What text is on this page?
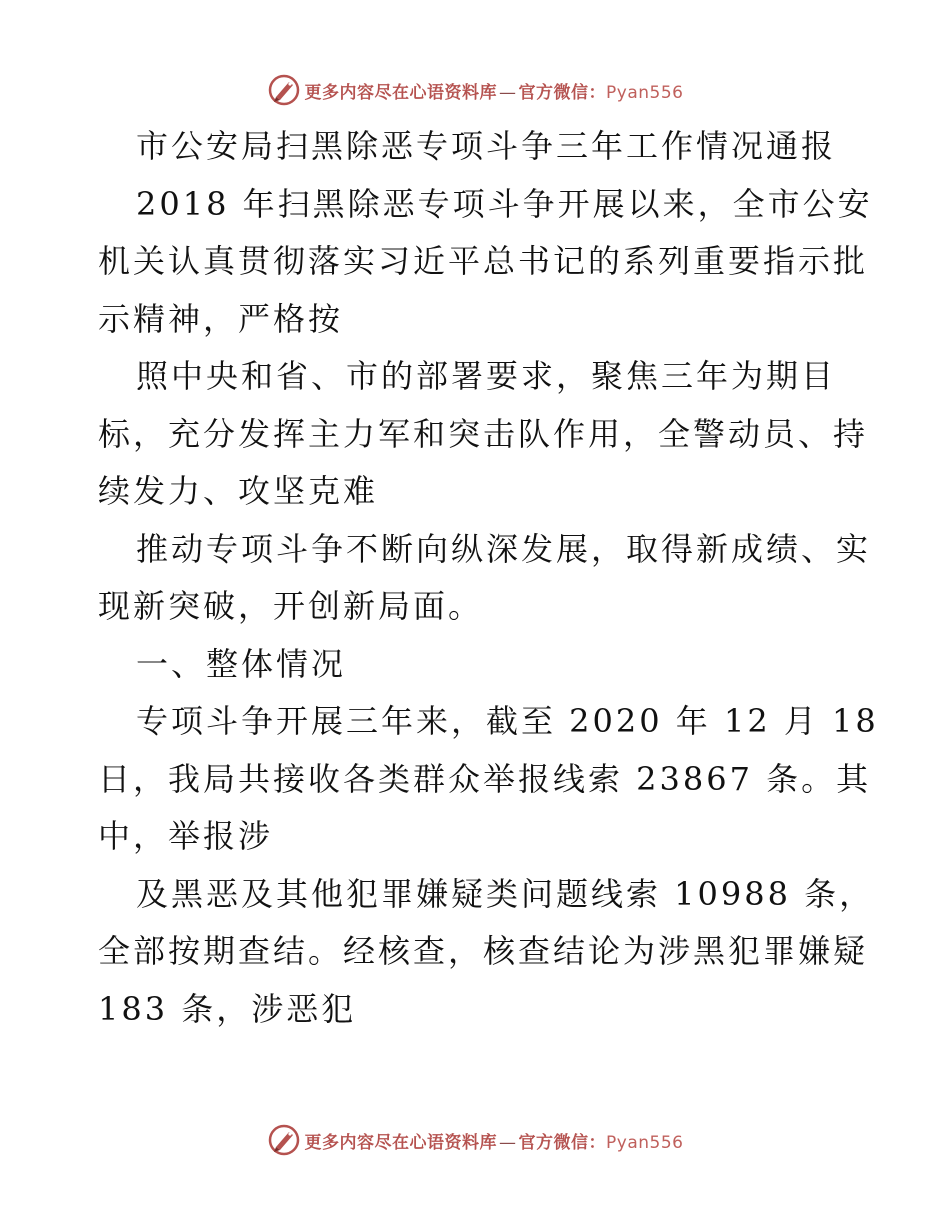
更多内容尽在心语资料库 — 官方微信：Pyan556
市公安局扫黑除恶专项斗争三年工作情况通报
2018 年扫黑除恶专项斗争开展以来，全市公安
机关认真贯彻落实习近平总书记的系列重要指示批
示精神，严格按
照中央和省、市的部署要求，聚焦三年为期目
标，充分发挥主力军和突击队作用，全警动员、持
续发力、攻坚克难
推动专项斗争不断向纵深发展，取得新成绩、实
现新突破，开创新局面。
一、整体情况
专项斗争开展三年来，截至 2020 年 12 月 18
日，我局共接收各类群众举报线索 23867 条。其
中，举报涉
及黑恶及其他犯罪嫌疑类问题线索 10988 条，
全部按期查结。经核查，核查结论为涉黑犯罪嫌疑
183 条，涉恶犯
更多内容尽在心语资料库 — 官方微信：Pyan556
